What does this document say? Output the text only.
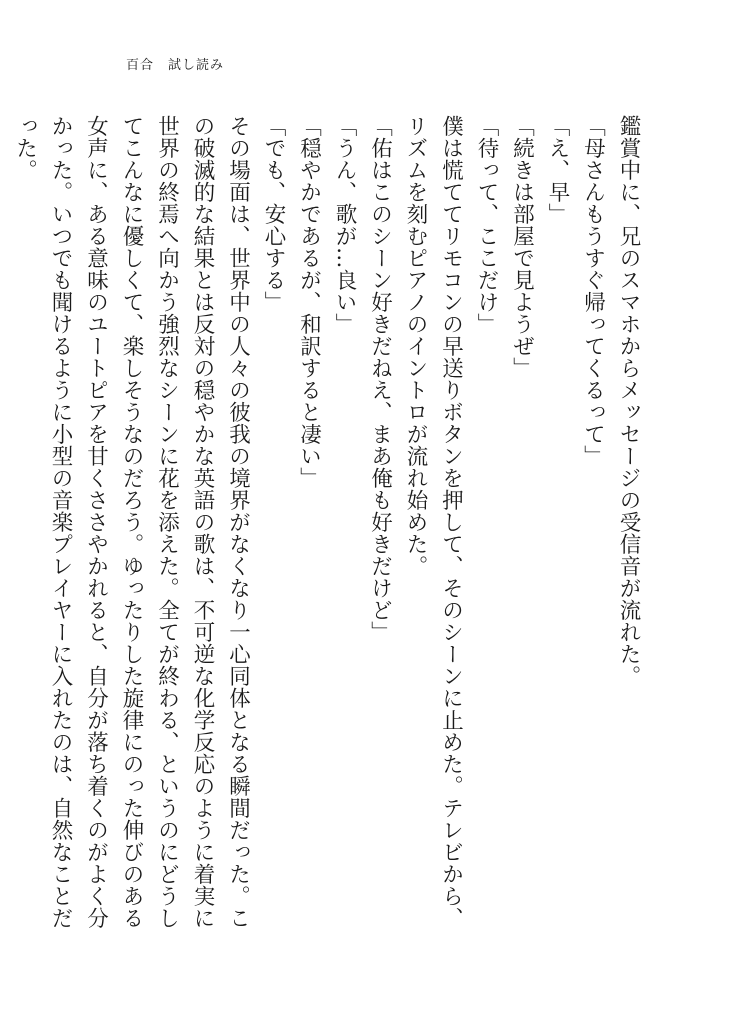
百合　試し読み

鑑賞中に、兄のスマホからメッセージの受信音が流れた。

「母さんもうすぐ帰ってくるって」

「え、早」

「続きは部屋で見ようぜ」

「待って、ここだけ」

僕は慌ててリモコンの早送りボタンを押して、そのシーンに止めた。テレビから、リズムを刻むピアノのイントロが流れ始めた。

「佑はこのシーン好きだねえ、まあ俺も好きだけど」

「うん、歌が…良い」

「穏やかであるが、和訳すると凄い」

「でも、安心する」

その場面は、世界中の人々の彼我の境界がなくなり一心同体となる瞬間だった。この破滅的な結果とは反対の穏やかな英語の歌は、不可逆な化学反応のように着実に世界の終焉へ向かう強烈なシーンに花を添えた。全てが終わる、というのにどうしてこんなに優しくて、楽しそうなのだろう。ゆったりした旋律にのった伸びのある女声に、ある意味のユートピアを甘くささやかれると、自分が落ち着くのがよく分かった。いつでも聞けるように小型の音楽プレイヤーに入れたのは、自然なことだった。
